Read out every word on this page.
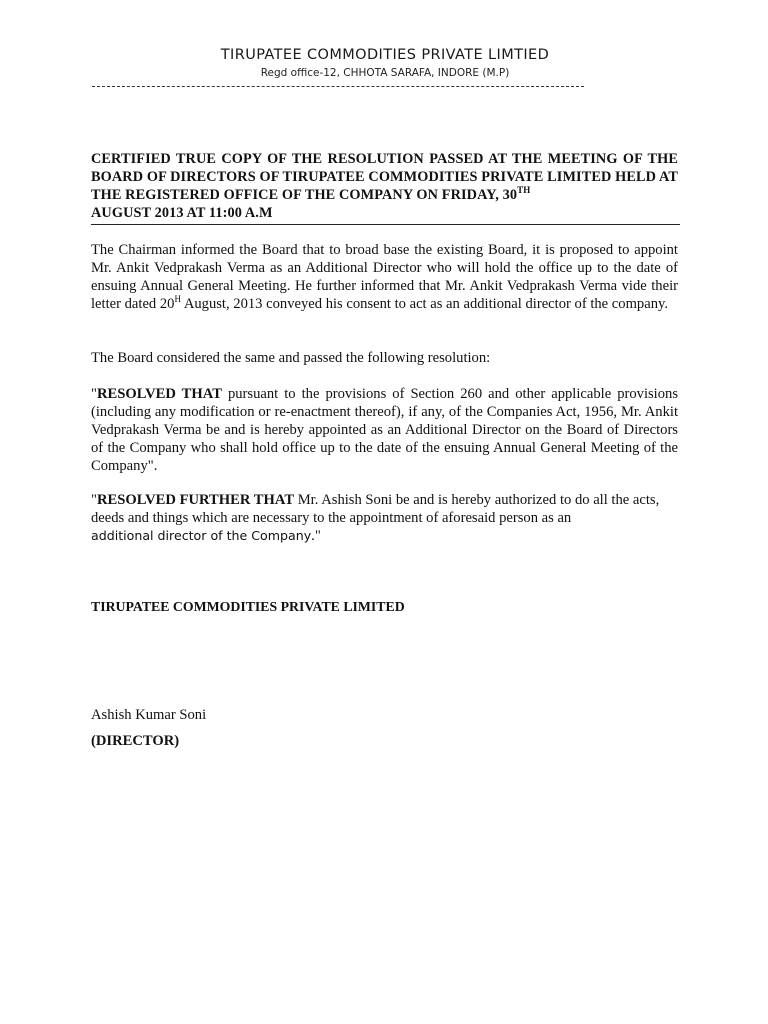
TIRUPATEE COMMODITIES PRIVATE LIMTIED
Regd office-12, CHHOTA SARAFA, INDORE (M.P)
CERTIFIED TRUE COPY OF THE RESOLUTION PASSED AT THE MEETING OF THE BOARD OF DIRECTORS OF TIRUPATEE COMMODITIES PRIVATE LIMITED HELD AT THE REGISTERED OFFICE OF THE COMPANY ON FRIDAY, 30TH
AUGUST 2013 AT 11:00 A.M
The Chairman informed the Board that to broad base the existing Board, it is proposed to appoint Mr. Ankit Vedprakash Verma as an Additional Director who will hold the office up to the date of ensuing Annual General Meeting. He further informed that Mr. Ankit Vedprakash Verma vide their letter dated $20^H$ August, 2013 conveyed his consent to act as an additional director of the company.
The Board considered the same and passed the following resolution:
"RESOLVED THAT pursuant to the provisions of Section 260 and other applicable provisions (including any modification or re-enactment thereof), if any, of the Companies Act, 1956, Mr. Ankit Vedprakash Verma be and is hereby appointed as an Additional Director on the Board of Directors of the Company who shall hold office up to the date of the ensuing Annual General Meeting of the Company".
"RESOLVED FURTHER THAT Mr. Ashish Soni be and is hereby authorized to do all the acts, deeds and things which are necessary to the appointment of aforesaid person as an
additional director of the Company."
TIRUPATEE COMMODITIES PRIVATE LIMITED
Ashish Kumar Soni
(DIRECTOR)
